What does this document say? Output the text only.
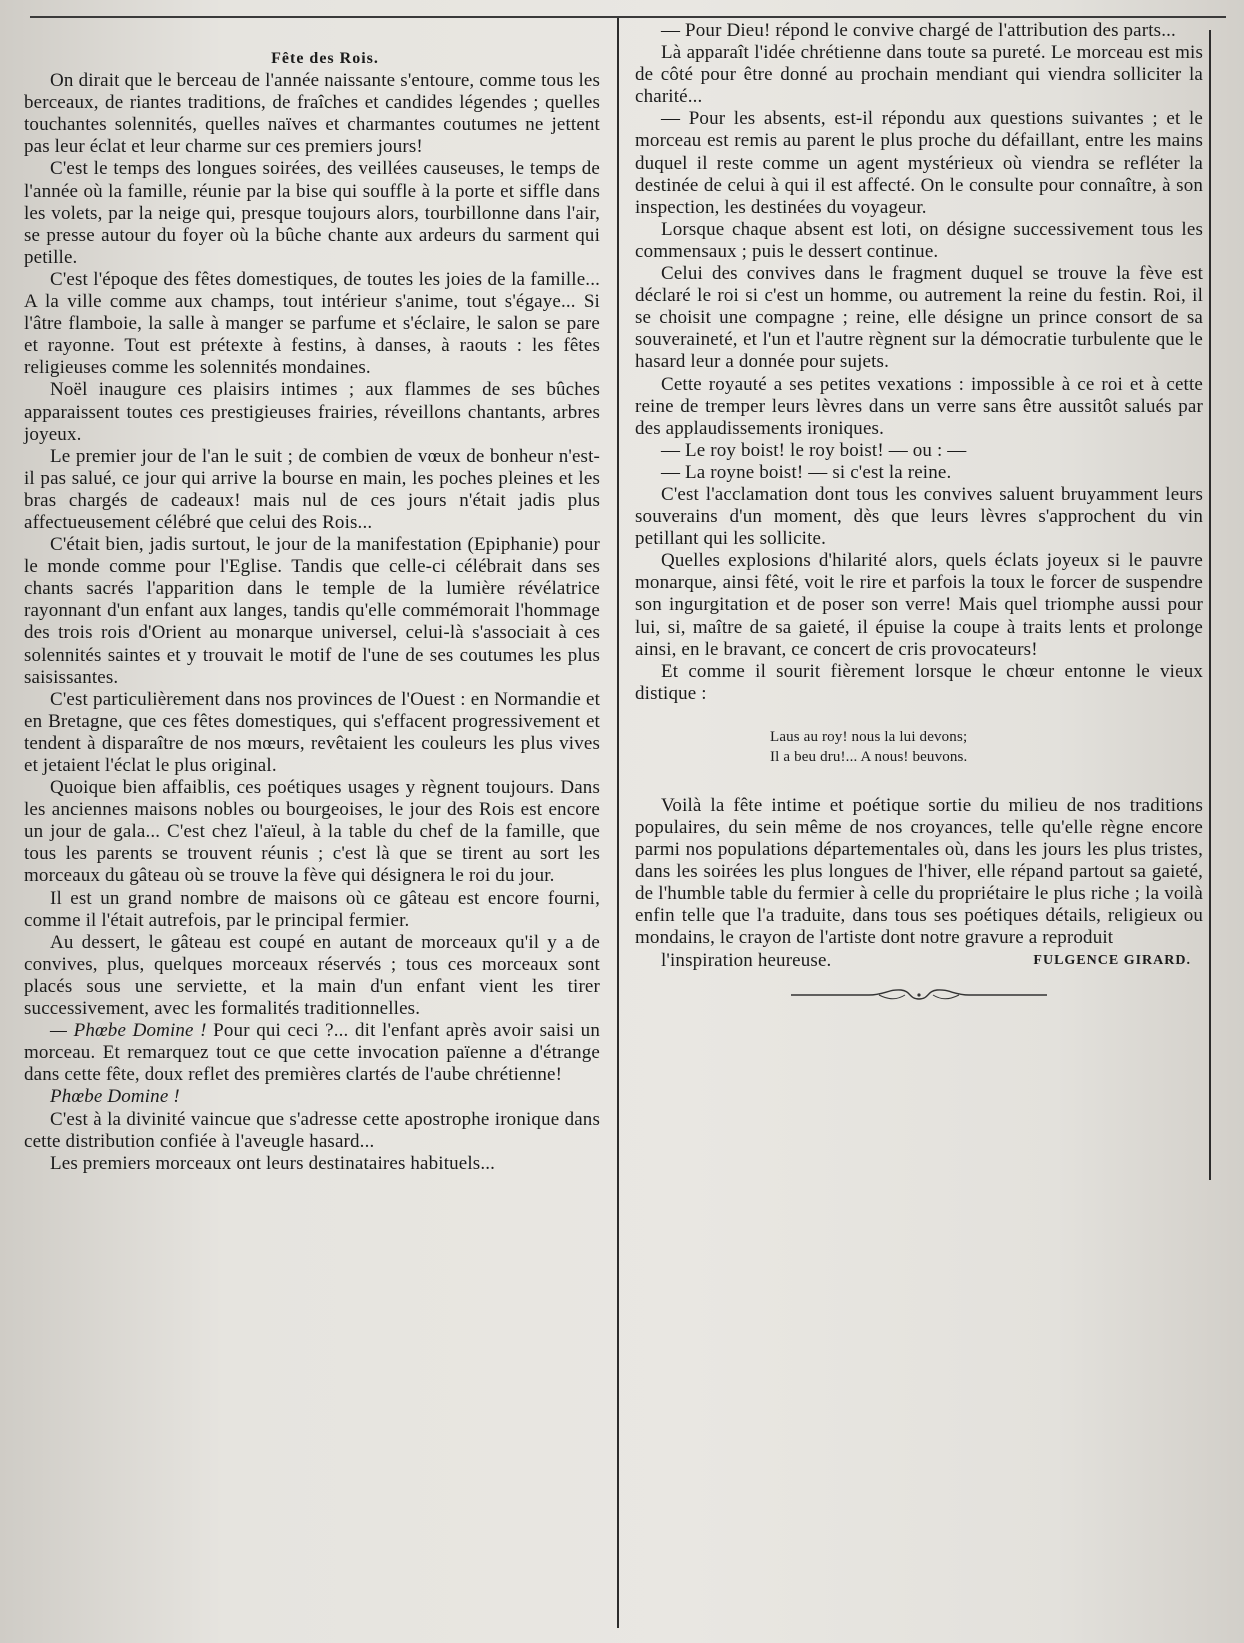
Fête des Rois.

On dirait que le berceau de l'année naissante s'entoure, comme tous les berceaux, de riantes traditions, de fraîches et candides légendes ; quelles touchantes solennités, quelles naïves et charmantes coutumes ne jettent pas leur éclat et leur charme sur ces premiers jours!

C'est le temps des longues soirées, des veillées causeuses, le temps de l'année où la famille, réunie par la bise qui souffle à la porte et siffle dans les volets, par la neige qui, presque toujours alors, tourbillonne dans l'air, se presse autour du foyer où la bûche chante aux ardeurs du sarment qui petille.

C'est l'époque des fêtes domestiques, de toutes les joies de la famille... A la ville comme aux champs, tout intérieur s'anime, tout s'égaye... Si l'âtre flamboie, la salle à manger se parfume et s'éclaire, le salon se pare et rayonne. Tout est prétexte à festins, à danses, à raouts : les fêtes religieuses comme les solennités mondaines.

Noël inaugure ces plaisirs intimes ; aux flammes de ses bûches apparaissent toutes ces prestigieuses frairies, réveillons chantants, arbres joyeux.

Le premier jour de l'an le suit ; de combien de vœux de bonheur n'est-il pas salué, ce jour qui arrive la bourse en main, les poches pleines et les bras chargés de cadeaux! mais nul de ces jours n'était jadis plus affectueusement célébré que celui des Rois...

C'était bien, jadis surtout, le jour de la manifestation (Epiphanie) pour le monde comme pour l'Eglise. Tandis que celle-ci célébrait dans ses chants sacrés l'apparition dans le temple de la lumière révélatrice rayonnant d'un enfant aux langes, tandis qu'elle commémorait l'hommage des trois rois d'Orient au monarque universel, celui-là s'associait à ces solennités saintes et y trouvait le motif de l'une de ses coutumes les plus saisissantes.

C'est particulièrement dans nos provinces de l'Ouest : en Normandie et en Bretagne, que ces fêtes domestiques, qui s'effacent progressivement et tendent à disparaître de nos mœurs, revêtaient les couleurs les plus vives et jetaient l'éclat le plus original.

Quoique bien affaiblis, ces poétiques usages y règnent toujours. Dans les anciennes maisons nobles ou bourgeoises, le jour des Rois est encore un jour de gala... C'est chez l'aïeul, à la table du chef de la famille, que tous les parents se trouvent réunis ; c'est là que se tirent au sort les morceaux du gâteau où se trouve la fève qui désignera le roi du jour.

Il est un grand nombre de maisons où ce gâteau est encore fourni, comme il l'était autrefois, par le principal fermier.

Au dessert, le gâteau est coupé en autant de morceaux qu'il y a de convives, plus, quelques morceaux réservés ; tous ces morceaux sont placés sous une serviette, et la main d'un enfant vient les tirer successivement, avec les formalités traditionnelles.

— Phœbe Domine ! Pour qui ceci ?... dit l'enfant après avoir saisi un morceau. Et remarquez tout ce que cette invocation païenne a d'étrange dans cette fête, doux reflet des premières clartés de l'aube chrétienne!

Phœbe Domine !

C'est à la divinité vaincue que s'adresse cette apostrophe ironique dans cette distribution confiée à l'aveugle hasard...

Les premiers morceaux ont leurs destinataires habituels...

— Pour Dieu! répond le convive chargé de l'attribution des parts...

Là apparaît l'idée chrétienne dans toute sa pureté. Le morceau est mis de côté pour être donné au prochain mendiant qui viendra solliciter la charité...

— Pour les absents, est-il répondu aux questions suivantes ; et le morceau est remis au parent le plus proche du défaillant, entre les mains duquel il reste comme un agent mystérieux où viendra se refléter la destinée de celui à qui il est affecté. On le consulte pour connaître, à son inspection, les destinées du voyageur.

Lorsque chaque absent est loti, on désigne successivement tous les commensaux ; puis le dessert continue.

Celui des convives dans le fragment duquel se trouve la fève est déclaré le roi si c'est un homme, ou autrement la reine du festin. Roi, il se choisit une compagne ; reine, elle désigne un prince consort de sa souveraineté, et l'un et l'autre règnent sur la démocratie turbulente que le hasard leur a donnée pour sujets.

Cette royauté a ses petites vexations : impossible à ce roi et à cette reine de tremper leurs lèvres dans un verre sans être aussitôt salués par des applaudissements ironiques.

— Le roy boist! le roy boist! — ou : —

— La royne boist! — si c'est la reine.

C'est l'acclamation dont tous les convives saluent bruyamment leurs souverains d'un moment, dès que leurs lèvres s'approchent du vin petillant qui les sollicite.

Quelles explosions d'hilarité alors, quels éclats joyeux si le pauvre monarque, ainsi fêté, voit le rire et parfois la toux le forcer de suspendre son ingurgitation et de poser son verre! Mais quel triomphe aussi pour lui, si, maître de sa gaieté, il épuise la coupe à traits lents et prolonge ainsi, en le bravant, ce concert de cris provocateurs!

Et comme il sourit fièrement lorsque le chœur entonne le vieux distique :

Laus au roy! nous la lui devons;
Il a beu dru!... A nous! beuvons.

Voilà la fête intime et poétique sortie du milieu de nos traditions populaires, du sein même de nos croyances, telle qu'elle règne encore parmi nos populations départementales où, dans les jours les plus tristes, dans les soirées les plus longues de l'hiver, elle répand partout sa gaieté, de l'humble table du fermier à celle du propriétaire le plus riche ; la voilà enfin telle que l'a traduite, dans tous ses poétiques détails, religieux ou mondains, le crayon de l'artiste dont notre gravure a reproduit

l'inspiration heureuse.	FULGENCE GIRARD.
